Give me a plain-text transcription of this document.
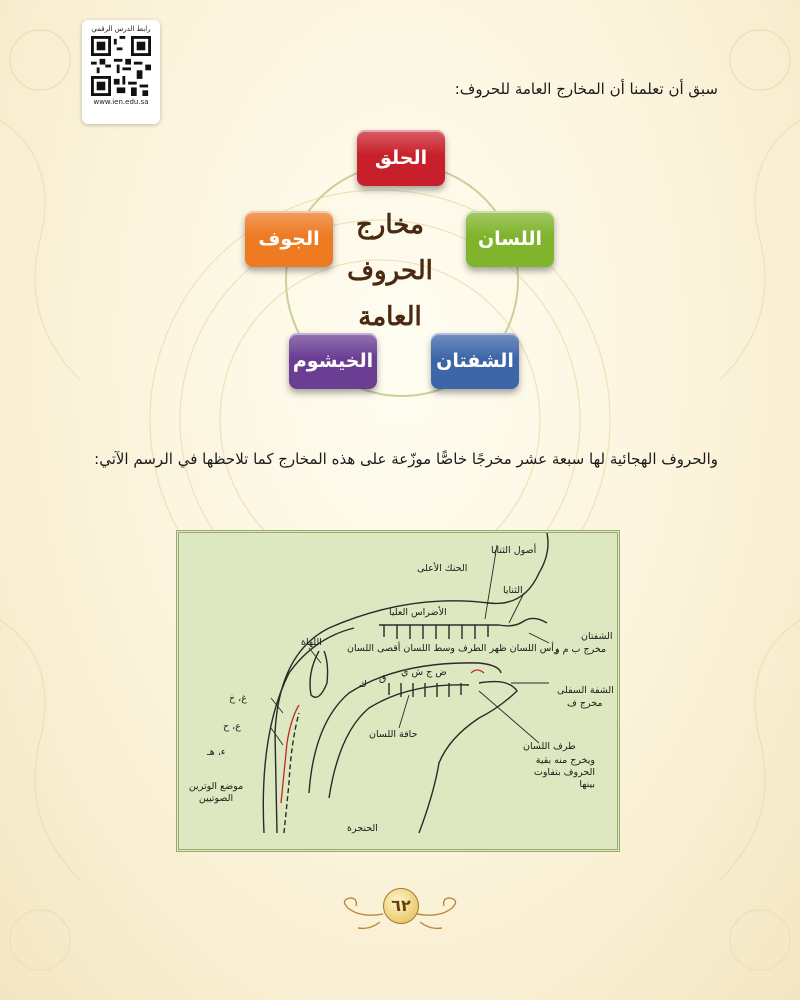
رابط الدرس الرقمي
www.ien.edu.sa
سبق أن تعلمنا أن المخارج العامة للحروف:
مخارج
الحروف
العامة
الحلق
اللسان
الشفتان
الخيشوم
الجوف
والحروف الهجائية لها سبعة عشر مخرجًا خاصًّا موزّعة على هذه المخارج كما تلاحظها في الرسم الآتي:
أصول الثنايا
الحنك الأعلى
الثنايا
الأضراس العليا
الشفتان
مخرج ب م و
رأس اللسان ظهر الطرف وسط اللسان أقصى اللسان
اللهاة
ض ج ش ي
ق
ك
الشفة السفلى
مخرج ف
غ، خ
حافة اللسان
ع، ح
طرف اللسان
ء، هـ
ويخرج منه بقية الحروف بتفاوت بينها
موضع الوترين الصوتيين
الحنجرة
٦٢
